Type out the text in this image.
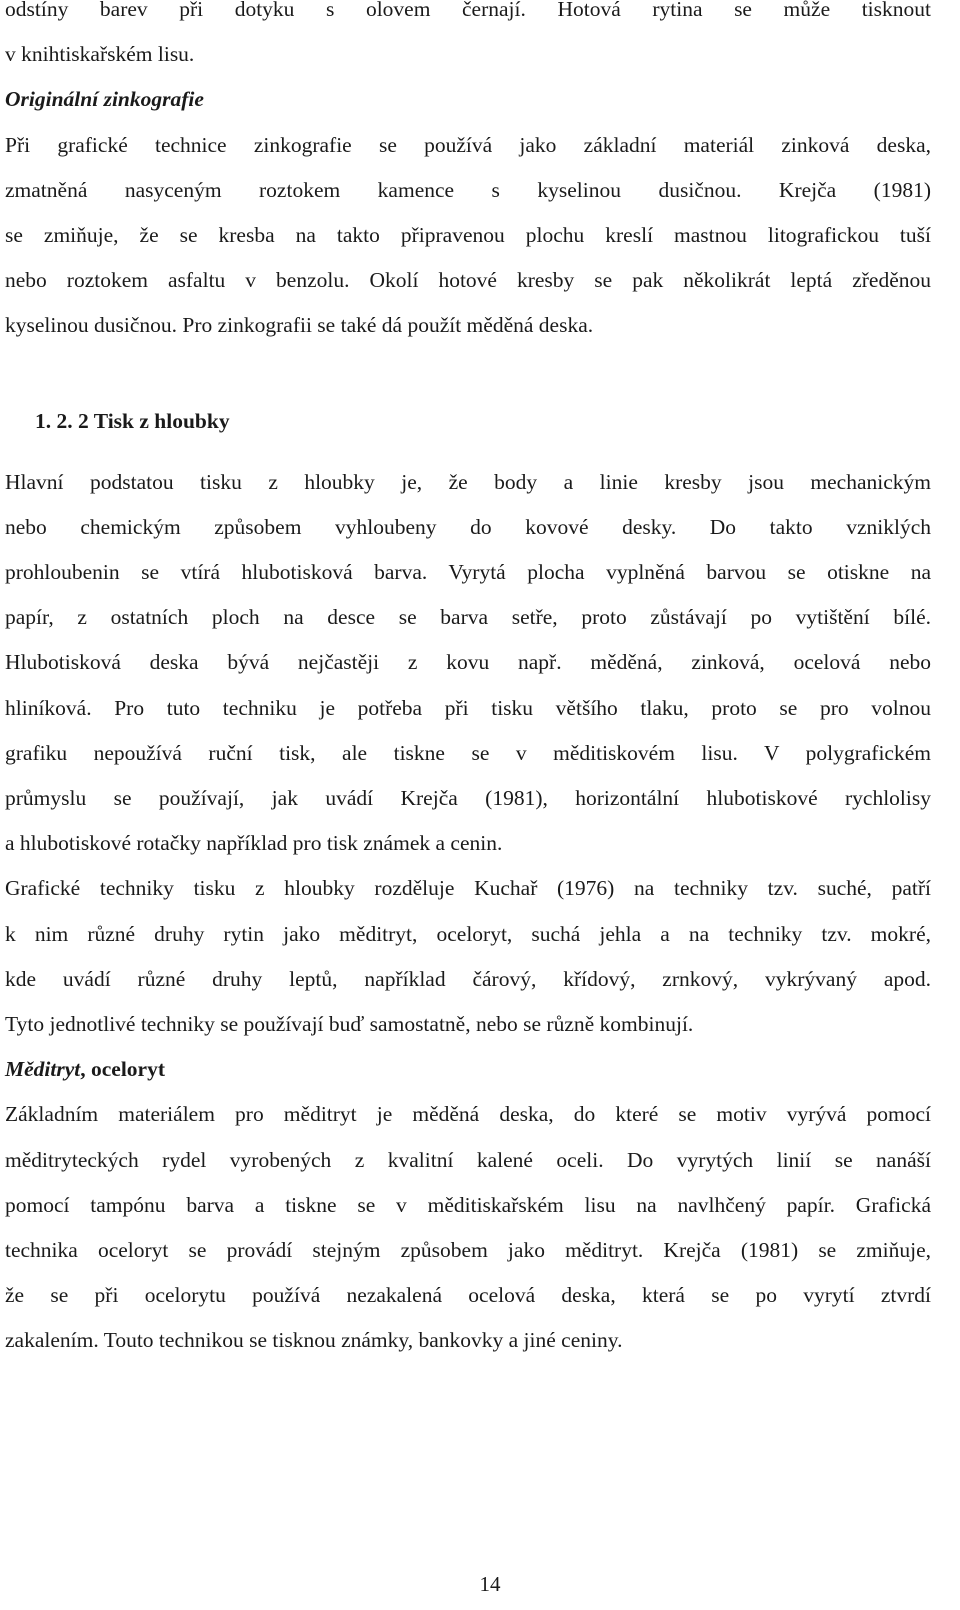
odstíny barev při dotyku s olovem černají. Hotová rytina se může tisknout
v knihtiskařském lisu.
Originální zinkografie
Při grafické technice zinkografie se používá jako základní materiál zinková deska,
zmatněná nasyceným roztokem kamence s kyselinou dusičnou. Krejča (1981)
se zmiňuje, že se kresba na takto připravenou plochu kreslí mastnou litografickou tuší
nebo roztokem asfaltu v benzolu. Okolí hotové kresby se pak několikrát leptá zředěnou
kyselinou dusičnou. Pro zinkografii se také dá použít měděná deska.
1. 2. 2 Tisk z hloubky
Hlavní podstatou tisku z hloubky je, že body a linie kresby jsou mechanickým
nebo chemickým způsobem vyhloubeny do kovové desky. Do takto vzniklých
prohloubenin se vtírá hlubotisková barva. Vyrytá plocha vyplněná barvou se otiskne na
papír, z ostatních ploch na desce se barva setře, proto zůstávají po vytištění bílé.
Hlubotisková deska bývá nejčastěji z kovu např. měděná, zinková, ocelová nebo
hliníková. Pro tuto techniku je potřeba při tisku většího tlaku, proto se pro volnou
grafiku nepoužívá ruční tisk, ale tiskne se v měditiskovém lisu. V polygrafickém
průmyslu se používají, jak uvádí Krejča (1981), horizontální hlubotiskové rychlolisy
a hlubotiskové rotačky například pro tisk známek a cenin.
Grafické techniky tisku z hloubky rozděluje Kuchař (1976) na techniky tzv. suché, patří
k nim různé druhy rytin jako měditryt, oceloryt, suchá jehla a na techniky tzv. mokré,
kde uvádí různé druhy leptů, například čárový, křídový, zrnkový, vykrývaný apod.
Tyto jednotlivé techniky se používají buď samostatně, nebo se různě kombinují.
Měditryt, oceloryt
Základním materiálem pro měditryt je měděná deska, do které se motiv vyrývá pomocí
měditryteckých rydel vyrobených z kvalitní kalené oceli. Do vyrytých linií se nanáší
pomocí tampónu barva a tiskne se v měditiskařském lisu na navlhčený papír. Grafická
technika oceloryt se provádí stejným způsobem jako měditryt. Krejča (1981) se zmiňuje,
že se při ocelorytu používá nezakalená ocelová deska, která se po vyrytí ztvrdí
zakalením. Touto technikou se tisknou známky, bankovky a jiné ceniny.
14
